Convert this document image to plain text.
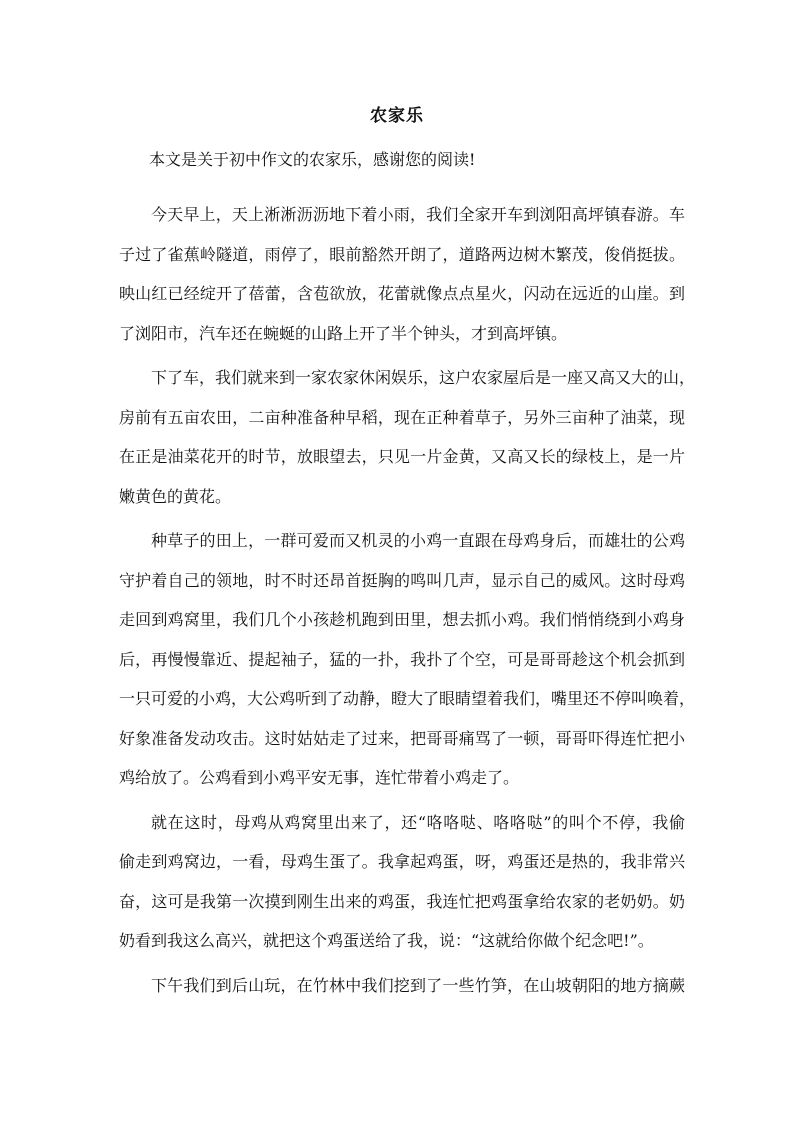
农家乐
本文是关于初中作文的农家乐，感谢您的阅读!
今天早上，天上淅淅沥沥地下着小雨，我们全家开车到浏阳高坪镇春游。车
子过了雀蕉岭隧道，雨停了，眼前豁然开朗了，道路两边树木繁茂，俊俏挺拔。
映山红已经绽开了蓓蕾，含苞欲放，花蕾就像点点星火，闪动在远近的山崖。到
了浏阳市，汽车还在蜿蜒的山路上开了半个钟头，才到高坪镇。
下了车，我们就来到一家农家休闲娱乐，这户农家屋后是一座又高又大的山，
房前有五亩农田，二亩种准备种早稻，现在正种着草子，另外三亩种了油菜，现
在正是油菜花开的时节，放眼望去，只见一片金黄，又高又长的绿枝上，是一片
嫩黄色的黄花。
种草子的田上，一群可爱而又机灵的小鸡一直跟在母鸡身后，而雄壮的公鸡
守护着自己的领地，时不时还昂首挺胸的鸣叫几声，显示自己的威风。这时母鸡
走回到鸡窝里，我们几个小孩趁机跑到田里，想去抓小鸡。我们悄悄绕到小鸡身
后，再慢慢靠近、提起袖子，猛的一扑，我扑了个空，可是哥哥趁这个机会抓到
一只可爱的小鸡，大公鸡听到了动静，瞪大了眼睛望着我们，嘴里还不停叫唤着，
好象准备发动攻击。这时姑姑走了过来，把哥哥痛骂了一顿，哥哥吓得连忙把小
鸡给放了。公鸡看到小鸡平安无事，连忙带着小鸡走了。
就在这时，母鸡从鸡窝里出来了，还“咯咯哒、咯咯哒”的叫个不停，我偷
偷走到鸡窝边，一看，母鸡生蛋了。我拿起鸡蛋，呀，鸡蛋还是热的，我非常兴
奋，这可是我第一次摸到刚生出来的鸡蛋，我连忙把鸡蛋拿给农家的老奶奶。奶
奶看到我这么高兴，就把这个鸡蛋送给了我，说：“这就给你做个纪念吧!”。
下午我们到后山玩，在竹林中我们挖到了一些竹笋，在山坡朝阳的地方摘蕨
